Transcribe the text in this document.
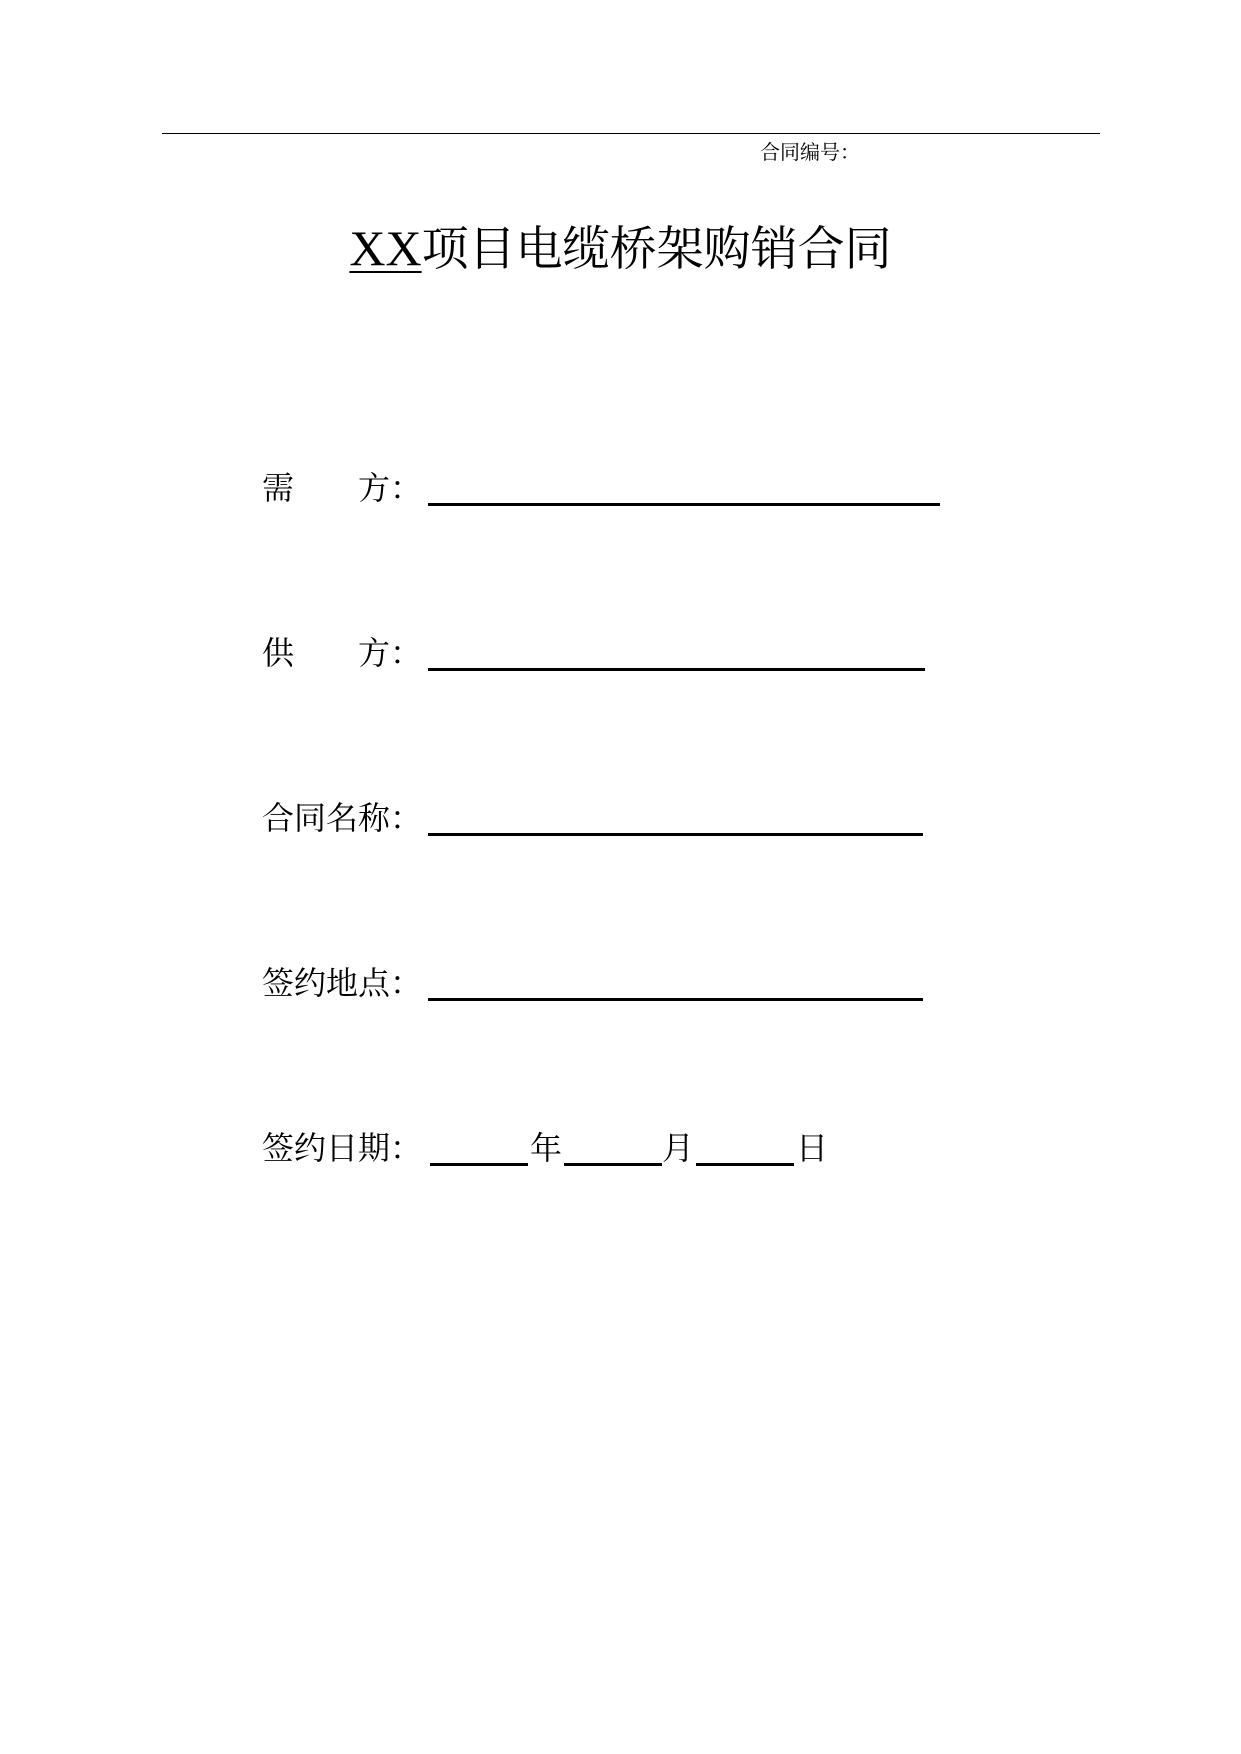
合同编号：
XX项目电缆桥架购销合同
需　　方：
供　　方：
合同名称：
签约地点：
签约日期：	年	月	日
